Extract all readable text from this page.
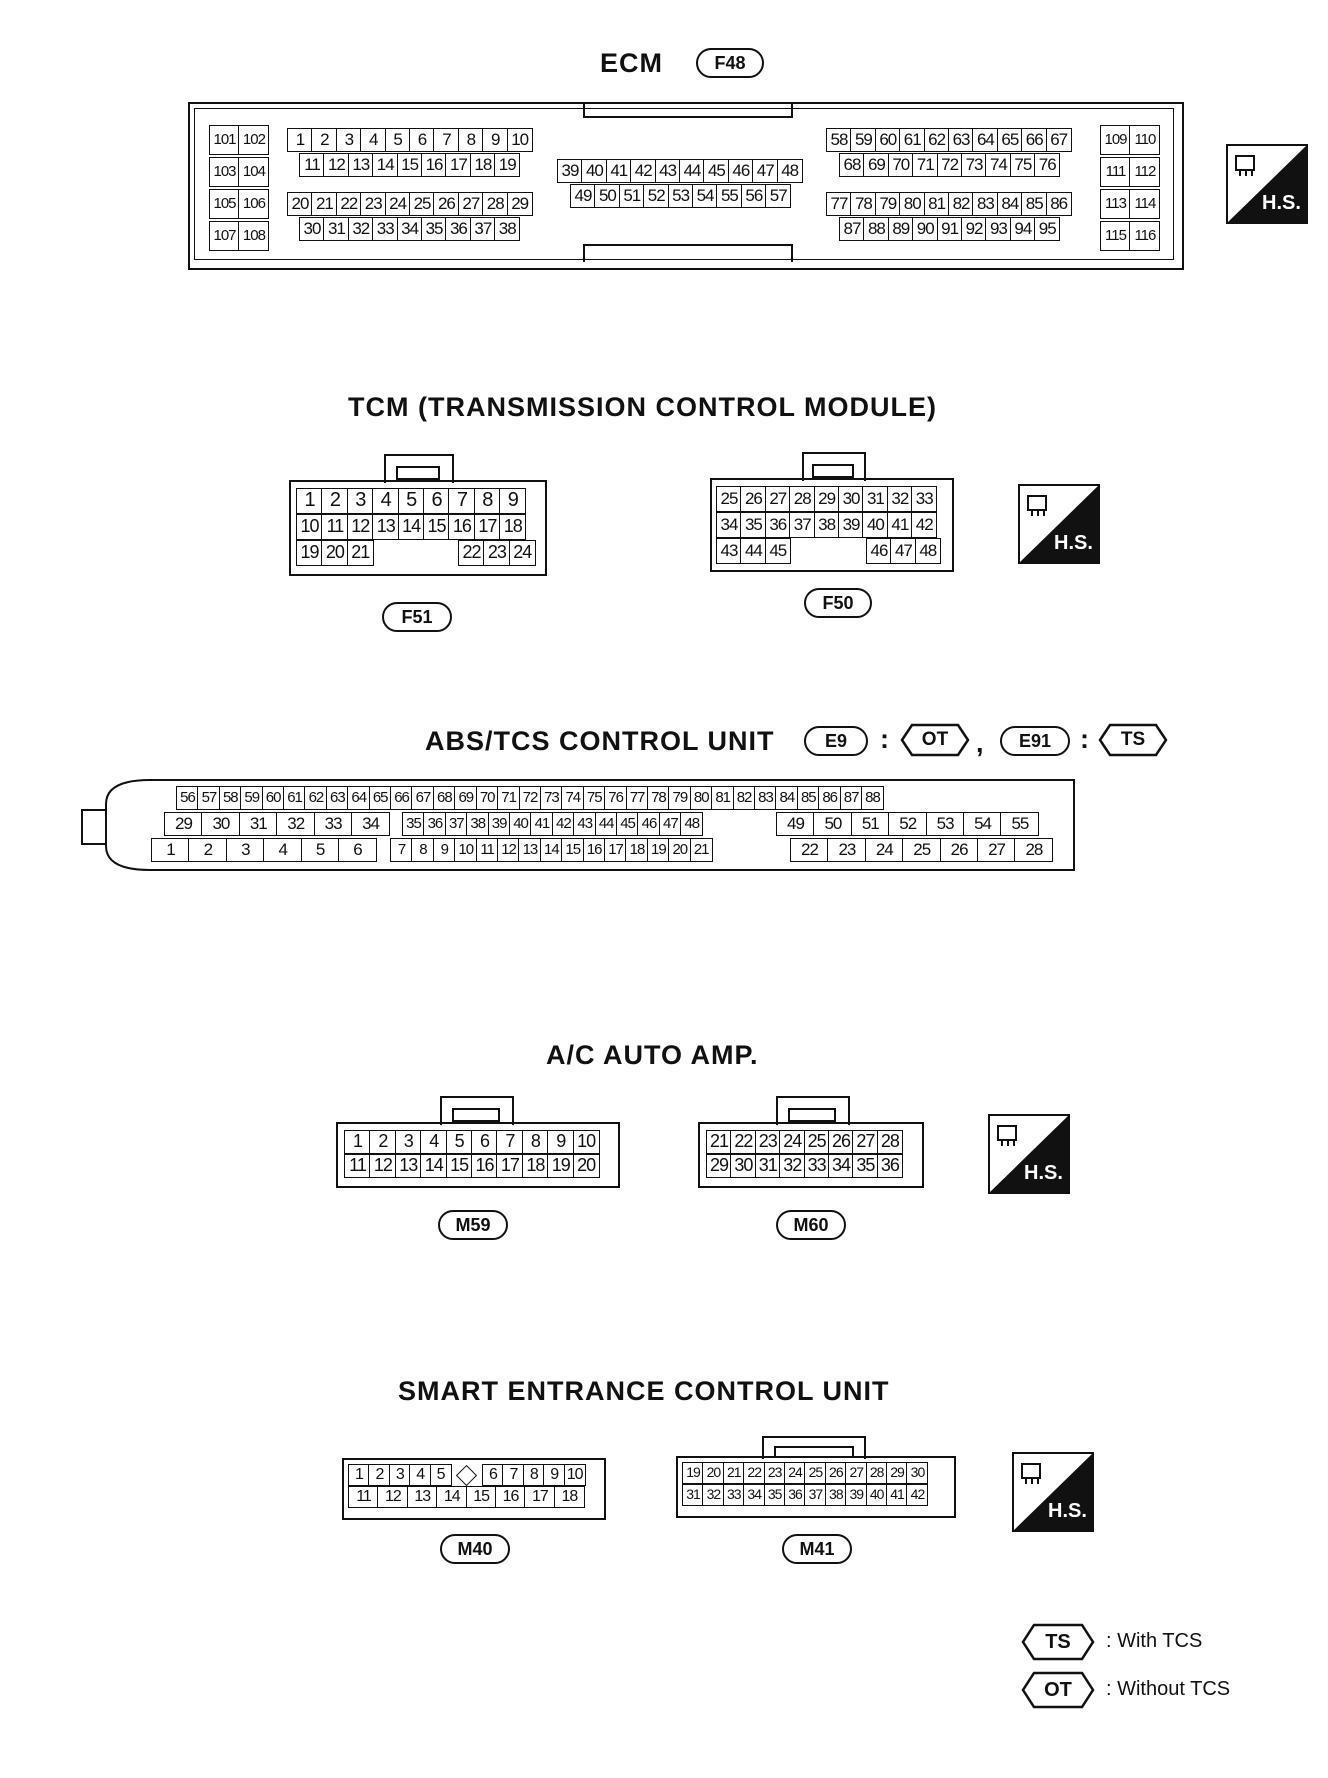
ECM	F48
101 102
103 104
105 106
107 108
1 2 3 4 5 6 7 8 9 10
11 12 13 14 15 16 17 18 19
20 21 22 23 24 25 26 27 28 29
30 31 32 33 34 35 36 37 38
39 40 41 42 43 44 45 46 47 48
49 50 51 52 53 54 55 56 57
58 59 60 61 62 63 64 65 66 67
68 69 70 71 72 73 74 75 76
77 78 79 80 81 82 83 84 85 86
87 88 89 90 91 92 93 94 95
109 110
111 112
113 114
115 116
H.S.
TCM (TRANSMISSION CONTROL MODULE)
1 2 3 4 5 6 7 8 9
10 11 12 13 14 15 16 17 18
19 20 21	22 23 24
F51
25 26 27 28 29 30 31 32 33
34 35 36 37 38 39 40 41 42
43 44 45	46 47 48
F50
H.S.
ABS/TCS CONTROL UNIT	E9	:	OT	,	E91	:	TS
56 57 58 59 60 61 62 63 64 65 66 67 68 69 70 71 72 73 74 75 76 77 78 79 80 81 82 83 84 85 86 87 88
29	30	31	32	33	34	35 36 37 38 39 40 41 42 43 44 45 46 47 48	49	50	51	52	53	54	55
1	2	3	4	5	6	7 8 9 10 11 12 13 14 15 16 17 18 19 20 21	22	23	24	25	26	27	28
A/C AUTO AMP.
1 2 3 4 5 6 7 8 9 10
11 12 13 14 15 16 17 18 19 20
M59
21 22 23 24 25 26 27 28
29 30 31 32 33 34 35 36
M60
H.S.
SMART ENTRANCE CONTROL UNIT
1 2 3 4 5	6 7 8 9 10
11 12 13 14 15 16 17 18
M40
19 20 21 22 23 24 25 26 27 28 29 30
31 32 33 34 35 36 37 38 39 40 41 42
M41
H.S.
TS	: With TCS
OT	: Without TCS
